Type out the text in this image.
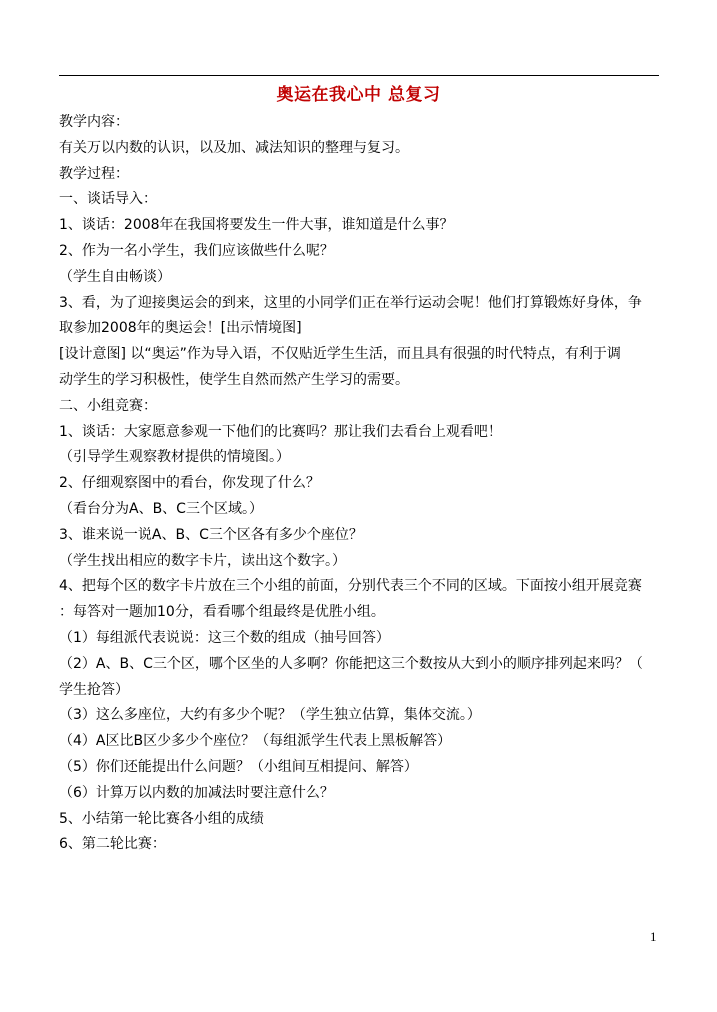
奥运在我心中 总复习

教学内容：

有关万以内数的认识，以及加、减法知识的整理与复习。

教学过程：

一、谈话导入：

1、谈话：2008年在我国将要发生一件大事，谁知道是什么事？

2、作为一名小学生，我们应该做些什么呢？

（学生自由畅谈）

3、看，为了迎接奥运会的到来，这里的小同学们正在举行运动会呢！他们打算锻炼好身体，争

取参加2008年的奥运会！[出示情境图]

[设计意图] 以“奥运”作为导入语，不仅贴近学生生活，而且具有很强的时代特点，有利于调

动学生的学习积极性，使学生自然而然产生学习的需要。

二、小组竞赛：

1、谈话：大家愿意参观一下他们的比赛吗？那让我们去看台上观看吧！

（引导学生观察教材提供的情境图。）

2、仔细观察图中的看台，你发现了什么？

（看台分为A、B、C三个区域。）

3、谁来说一说A、B、C三个区各有多少个座位？

（学生找出相应的数字卡片，读出这个数字。）

4、把每个区的数字卡片放在三个小组的前面，分别代表三个不同的区域。下面按小组开展竞赛

：每答对一题加10分，看看哪个组最终是优胜小组。

（1）每组派代表说说：这三个数的组成（抽号回答）

（2）A、B、C三个区，哪个区坐的人多啊？你能把这三个数按从大到小的顺序排列起来吗？（

学生抢答）

（3）这么多座位，大约有多少个呢？（学生独立估算，集体交流。）

（4）A区比B区少多少个座位？（每组派学生代表上黑板解答）

（5）你们还能提出什么问题？（小组间互相提问、解答）

（6）计算万以内数的加减法时要注意什么？

5、小结第一轮比赛各小组的成绩

6、第二轮比赛：

1
